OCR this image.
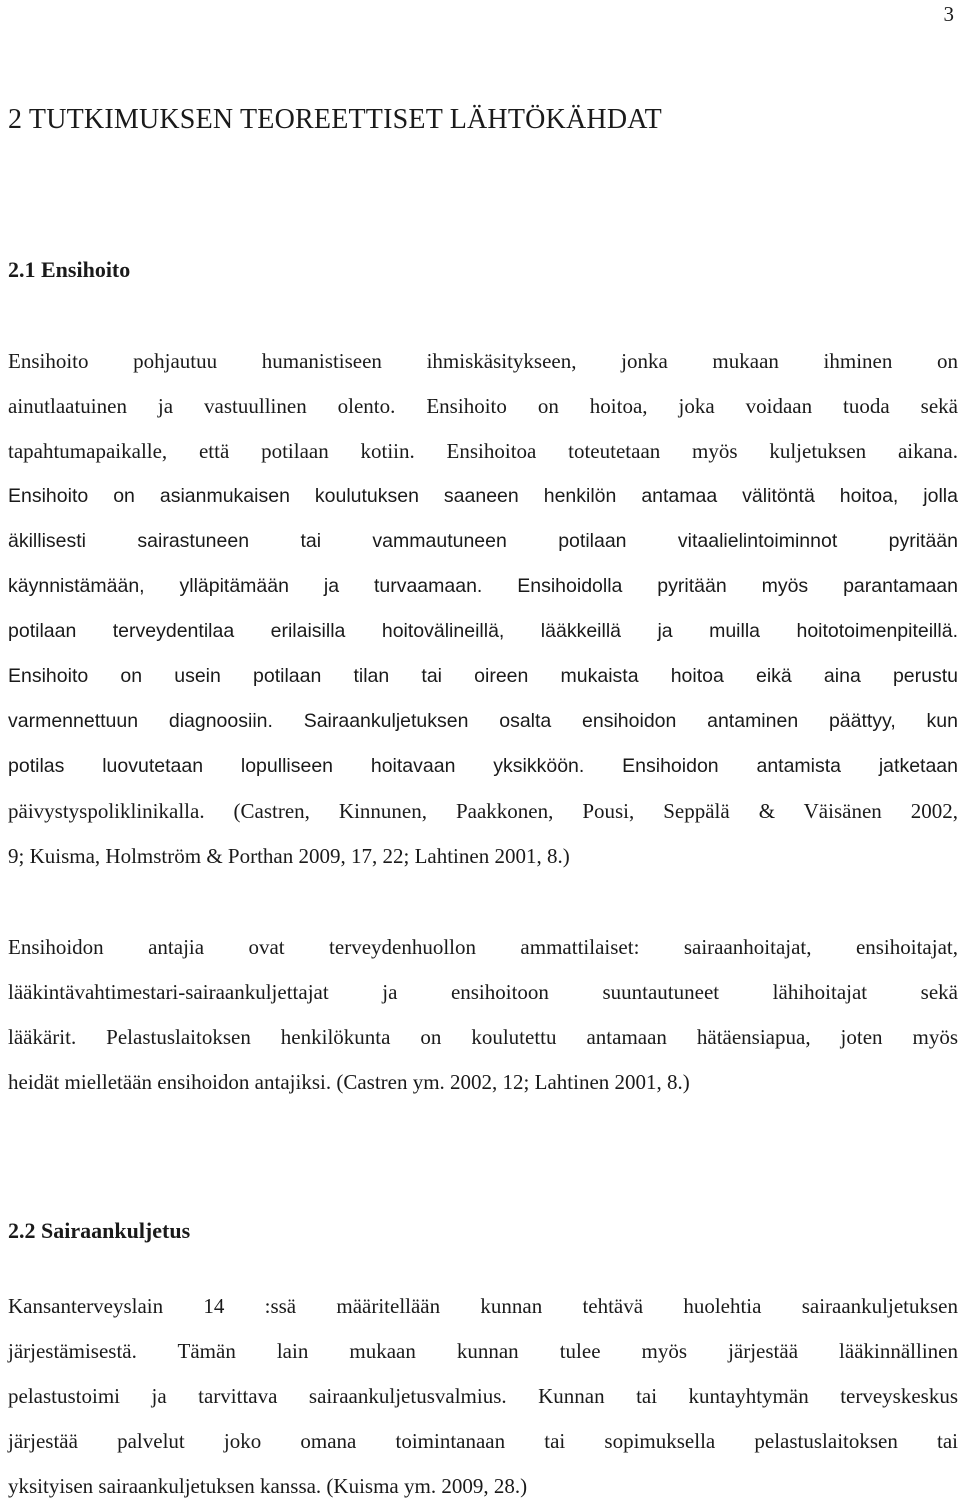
3
2 TUTKIMUKSEN TEOREETTISET LÄHTÖKÄHDAT
2.1 Ensihoito
Ensihoito pohjautuu humanistiseen ihmiskäsitykseen, jonka mukaan ihminen on
ainutlaatuinen ja vastuullinen olento. Ensihoito on hoitoa, joka voidaan tuoda sekä
tapahtumapaikalle, että potilaan kotiin. Ensihoitoa toteutetaan myös kuljetuksen aikana.
Ensihoito on asianmukaisen koulutuksen saaneen henkilön antamaa välitöntä hoitoa, jolla
äkillisesti sairastuneen tai vammautuneen potilaan vitaalielintoiminnot pyritään
käynnistämään, ylläpitämään ja turvaamaan. Ensihoidolla pyritään myös parantamaan
potilaan terveydentilaa erilaisilla hoitovälineillä, lääkkeillä ja muilla hoitotoimenpiteillä.
Ensihoito on usein potilaan tilan tai oireen mukaista hoitoa eikä aina perustu
varmennettuun diagnoosiin. Sairaankuljetuksen osalta ensihoidon antaminen päättyy, kun
potilas luovutetaan lopulliseen hoitavaan yksikköön. Ensihoidon antamista jatketaan
päivystyspoliklinikalla. (Castren, Kinnunen, Paakkonen, Pousi, Seppälä & Väisänen 2002,
9; Kuisma, Holmström & Porthan 2009, 17, 22; Lahtinen 2001, 8.)
Ensihoidon antajia ovat terveydenhuollon ammattilaiset: sairaanhoitajat, ensihoitajat,
lääkintävahtimestari-sairaankuljettajat ja ensihoitoon suuntautuneet lähihoitajat sekä
lääkärit. Pelastuslaitoksen henkilökunta on koulutettu antamaan hätäensiapua, joten myös
heidät mielletään ensihoidon antajiksi. (Castren ym. 2002, 12; Lahtinen 2001, 8.)
2.2 Sairaankuljetus
Kansanterveyslain 14 :ssä määritellään kunnan tehtävä huolehtia sairaankuljetuksen
järjestämisestä. Tämän lain mukaan kunnan tulee myös järjestää lääkinnällinen
pelastustoimi ja tarvittava sairaankuljetusvalmius. Kunnan tai kuntayhtymän terveyskeskus
järjestää palvelut joko omana toimintanaan tai sopimuksella pelastuslaitoksen tai
yksityisen sairaankuljetuksen kanssa. (Kuisma ym. 2009, 28.)
